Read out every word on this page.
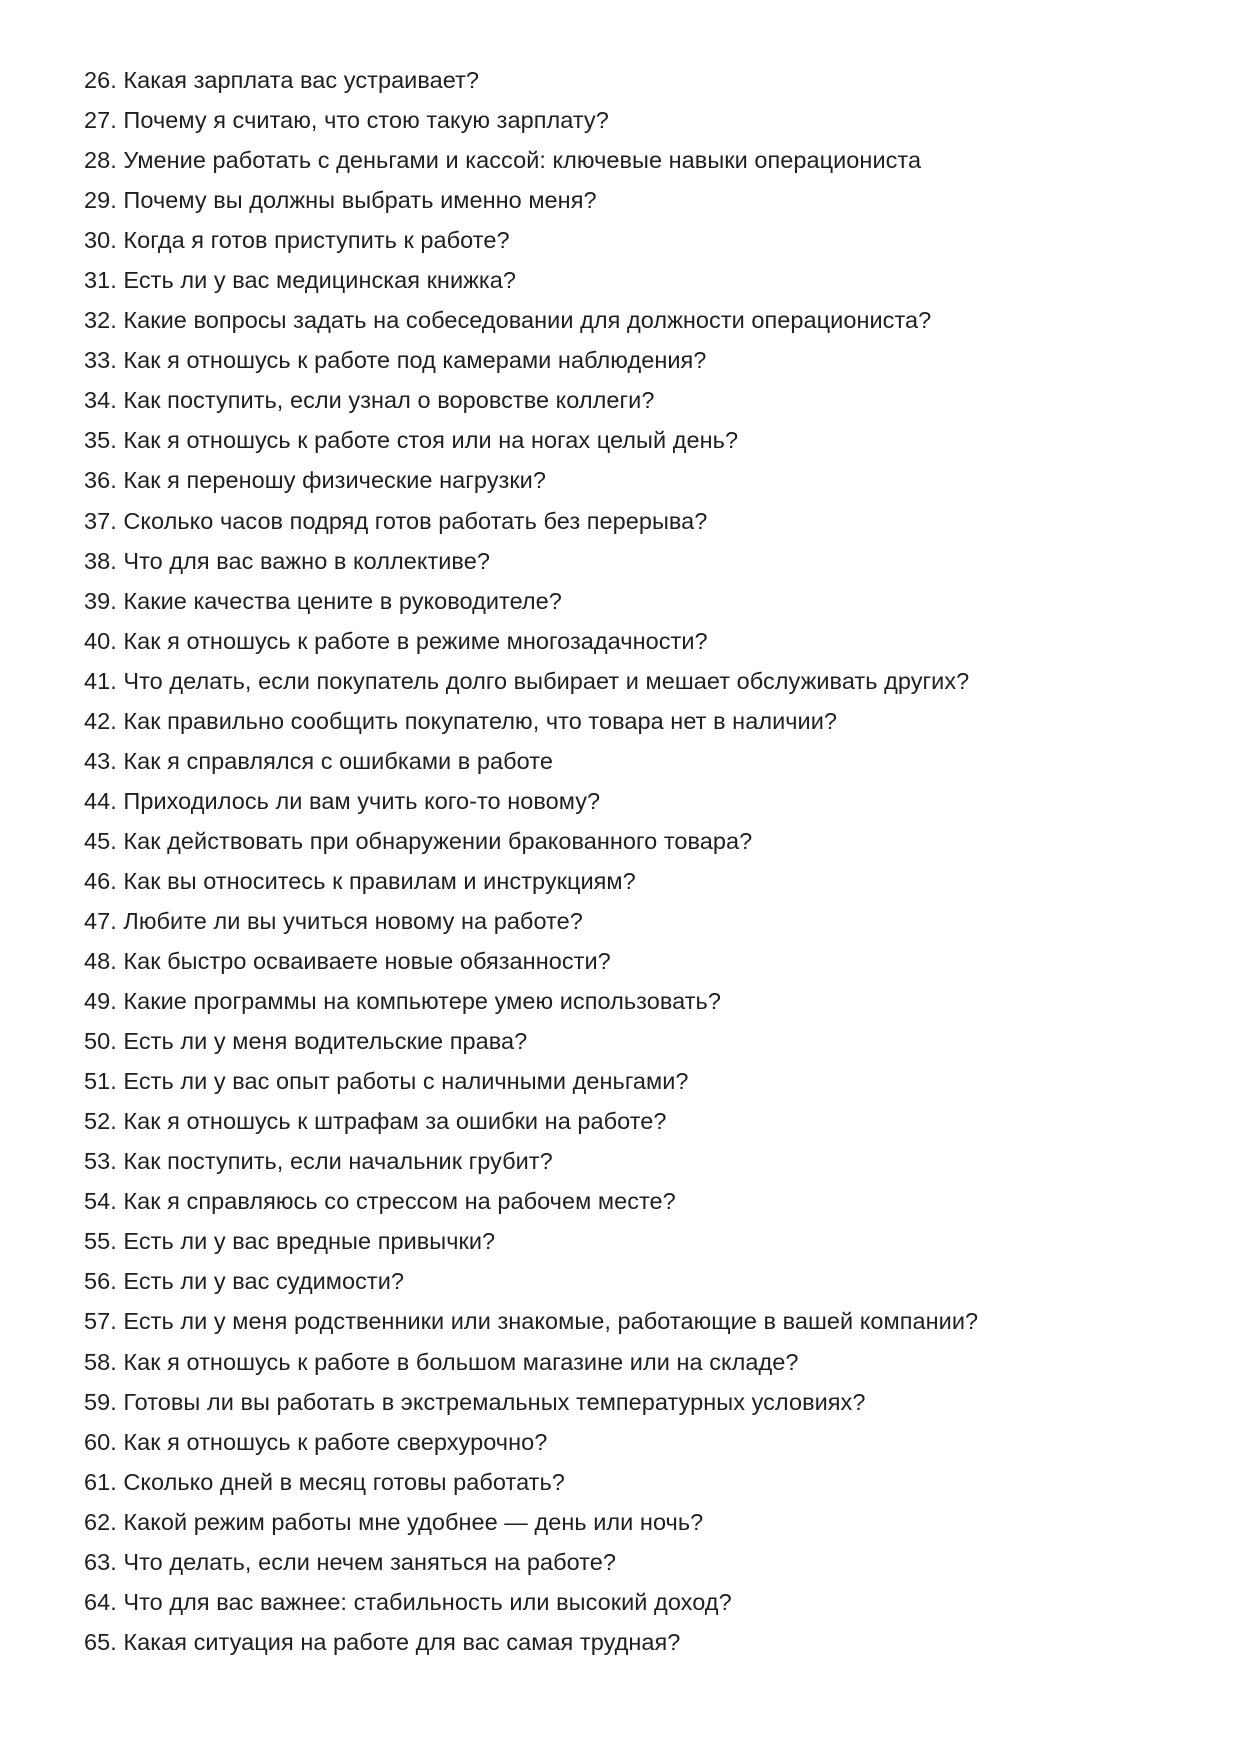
26. Какая зарплата вас устраивает?
27. Почему я считаю, что стою такую зарплату?
28. Умение работать с деньгами и кассой: ключевые навыки операциониста
29. Почему вы должны выбрать именно меня?
30. Когда я готов приступить к работе?
31. Есть ли у вас медицинская книжка?
32. Какие вопросы задать на собеседовании для должности операциониста?
33. Как я отношусь к работе под камерами наблюдения?
34. Как поступить, если узнал о воровстве коллеги?
35. Как я отношусь к работе стоя или на ногах целый день?
36. Как я переношу физические нагрузки?
37. Сколько часов подряд готов работать без перерыва?
38. Что для вас важно в коллективе?
39. Какие качества цените в руководителе?
40. Как я отношусь к работе в режиме многозадачности?
41. Что делать, если покупатель долго выбирает и мешает обслуживать других?
42. Как правильно сообщить покупателю, что товара нет в наличии?
43. Как я справлялся с ошибками в работе
44. Приходилось ли вам учить кого-то новому?
45. Как действовать при обнаружении бракованного товара?
46. Как вы относитесь к правилам и инструкциям?
47. Любите ли вы учиться новому на работе?
48. Как быстро осваиваете новые обязанности?
49. Какие программы на компьютере умею использовать?
50. Есть ли у меня водительские права?
51. Есть ли у вас опыт работы с наличными деньгами?
52. Как я отношусь к штрафам за ошибки на работе?
53. Как поступить, если начальник грубит?
54. Как я справляюсь со стрессом на рабочем месте?
55. Есть ли у вас вредные привычки?
56. Есть ли у вас судимости?
57. Есть ли у меня родственники или знакомые, работающие в вашей компании?
58. Как я отношусь к работе в большом магазине или на складе?
59. Готовы ли вы работать в экстремальных температурных условиях?
60. Как я отношусь к работе сверхурочно?
61. Сколько дней в месяц готовы работать?
62. Какой режим работы мне удобнее — день или ночь?
63. Что делать, если нечем заняться на работе?
64. Что для вас важнее: стабильность или высокий доход?
65. Какая ситуация на работе для вас самая трудная?
